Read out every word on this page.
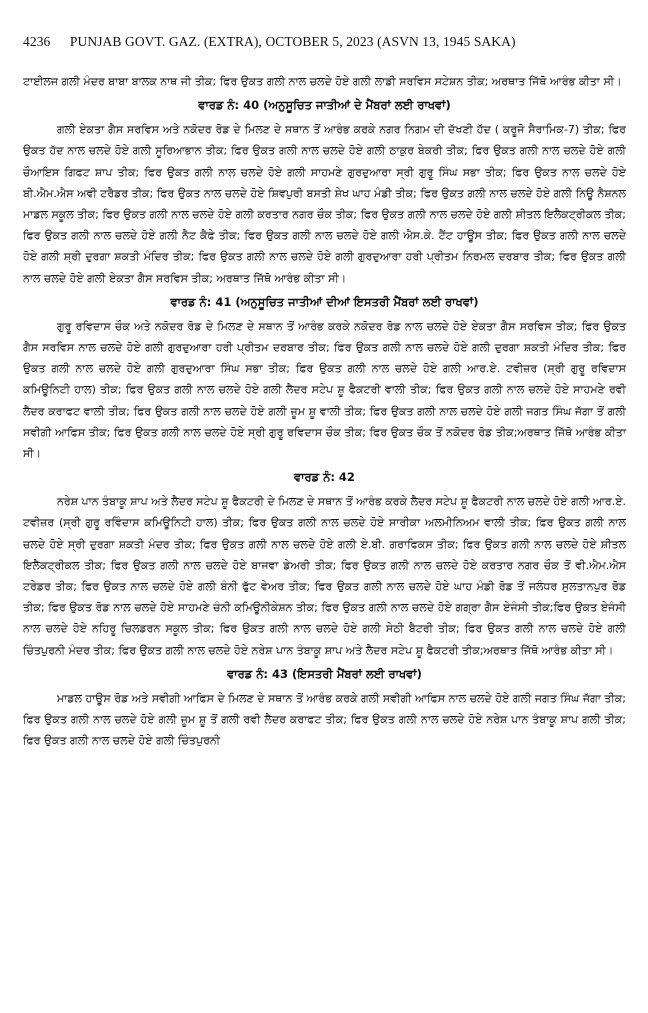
4236 PUNJAB GOVT. GAZ. (EXTRA), OCTOBER 5, 2023 (ASVN 13, 1945 SAKA)

ਟਾਈਲਜ ਗਲੀ ਮੰਦਰ ਬਾਬਾ ਬਾਲਕ ਨਾਥ ਜੀ ਤੀਕ; ਫਿਰ ਉਕਤ ਗਲੀ ਨਾਲ ਚਲਦੇ ਹੋਏ ਗਲੀ ਲਾਡੀ ਸਰਵਿਸ ਸਟੇਸ਼ਨ ਤੀਕ; ਅਰਥਾਤ ਜਿੱਥੋ ਆਰੰਭ ਕੀਤਾ ਸੀ।

ਵਾਰਡ ਨੰ: 40 (ਅਨੁਸੂਚਿਤ ਜਾਤੀਆਂ ਦੇ ਮੈਂਬਰਾਂ ਲਈ ਰਾਖਵਾਂ)

ਗਲੀ ਏਕਤਾ ਗੈਸ ਸਰਵਿਸ ਅਤੇ ਨਕੋਦਰ ਰੋਡ ਦੇ ਮਿਲਣ ਦੇ ਸਥਾਨ ਤੋਂ ਆਰੰਭ ਕਰਕੇ ਨਗਰ ਨਿਗਮ ਦੀ ਦੱਖਣੀ ਹੱਦ ( ਕਰੂਜੋ ਸੈਰਾਮਿਕ-7) ਤੀਕ; ਫਿਰ ਉਕਤ ਹੱਦ ਨਾਲ ਚਲਦੇ ਹੋਏ ਗਲੀ ਸੂਰਿਆਭਾਨ ਤੀਕ; ਫਿਰ ਉਕਤ ਗਲੀ ਨਾਲ ਚਲਦੇ ਹੋਏ ਗਲੀ ਠਾਕੁਰ ਬੇਕਰੀ ਤੀਕ; ਫਿਰ ਉਕਤ ਗਲੀ ਨਾਲ ਚਲਦੇ ਹੋਏ ਗਲੀ ਚੌਆਇਸ ਗਿਫਟ ਸ਼ਾਪ ਤੀਕ; ਫਿਰ ਉਕਤ ਗਲੀ ਨਾਲ ਚਲਦੇ ਹੋਏ ਗਲੀ ਸਾਹਮਣੇ ਗੁਰਦੁਆਰਾ ਸ੍ਰੀ ਗੁਰੂ ਸਿੰਘ ਸਭਾ ਤੀਕ; ਫਿਰ ਉਕਤ ਨਾਲ ਚਲਦੇ ਹੋਏ ਬੀ.ਐਮ.ਐਸ ਅਵੀ ਟਰੈਡਰ ਤੀਕ; ਫਿਰ ਉਕਤ ਨਾਲ ਚਲਦੇ ਹੋਏ ਸ਼ਿਵਪੁਰੀ ਬਸਤੀ ਸ਼ੇਖ ਘਾਹ ਮੰਡੀ ਤੀਕ; ਫਿਰ ਉਕਤ ਗਲੀ ਨਾਲ ਚਲਦੇ ਹੋਏ ਗਲੀ ਨਿਊ ਨੈਸ਼ਨਲ ਮਾਡਲ ਸਕੂਲ ਤੀਕ; ਫਿਰ ਉਕਤ ਗਲੀ ਨਾਲ ਚਲਦੇ ਹੋਏ ਗਲੀ ਕਰਤਾਰ ਨਗਰ ਚੌਕ ਤੀਕ; ਫਿਰ ਉਕਤ ਗਲੀ ਨਾਲ ਚਲਦੇ ਹੋਏ ਗਲੀ ਸ਼ੀਤਲ ਇਲੈਕਟ੍ਰੀਕਲ ਤੀਕ; ਫਿਰ ਉਕਤ ਗਲੀ ਨਾਲ ਚਲਦੇ ਹੋਏ ਗਲੀ ਨੈਟ ਕੈਫੇ ਤੀਕ; ਫਿਰ ਉਕਤ ਗਲੀ ਨਾਲ ਚਲਦੇ ਹੋਏ ਗਲੀ ਐਸ.ਕੇ. ਟੈਂਟ ਹਾਊਸ ਤੀਕ; ਫਿਰ ਉਕਤ ਗਲੀ ਨਾਲ ਚਲਦੇ ਹੋਏ ਗਲੀ ਸ਼੍ਰੀ ਦੁਰਗਾ ਸ਼ਕਤੀ ਮੰਦਿਰ ਤੀਕ; ਫਿਰ ਉਕਤ ਗਲੀ ਨਾਲ ਚਲਦੇ ਹੋਏ ਗਲੀ ਗੁਰਦੁਆਰਾ ਹਰੀ ਪ੍ਰੀਤਮ ਨਿਰਮਲ ਦਰਬਾਰ ਤੀਕ; ਫਿਰ ਉਕਤ ਗਲੀ ਨਾਲ ਚਲਦੇ ਹੋਏ ਗਲੀ ਏਕਤਾ ਗੈਸ ਸਰਵਿਸ ਤੀਕ; ਅਰਥਾਤ ਜਿੱਥੋ ਆਰੰਭ ਕੀਤਾ ਸੀ।

ਵਾਰਡ ਨੰ: 41 (ਅਨੁਸੂਚਿਤ ਜਾਤੀਆਂ ਦੀਆਂ ਇਸਤਰੀ ਮੈਂਬਰਾਂ ਲਈ ਰਾਖਵਾਂ)

ਗੁਰੂ ਰਵਿਦਾਸ ਚੌਕ ਅਤੇ ਨਕੋਦਰ ਰੋਡ ਦੇ ਮਿਲਣ ਦੇ ਸਥਾਨ ਤੋਂ ਆਰੰਭ ਕਰਕੇ ਨਕੋਦਰ ਰੋਡ ਨਾਲ ਚਲਦੇ ਹੋਏ ਏਕਤਾ ਗੈਸ ਸਰਵਿਸ ਤੀਕ; ਫਿਰ ਉਕਤ ਗੈਸ ਸਰਵਿਸ ਨਾਲ ਚਲਦੇ ਹੋਏ ਗਲੀ ਗੁਰਦੁਆਰਾ ਹਰੀ ਪ੍ਰੀਤਮ ਦਰਬਾਰ ਤੀਕ; ਫਿਰ ਉਕਤ ਗਲੀ ਨਾਲ ਚਲਦੇ ਹੋਏ ਗਲੀ ਦੁਰਗਾ ਸ਼ਕਤੀ ਮੰਦਿਰ ਤੀਕ; ਫਿਰ ਉਕਤ ਗਲੀ ਨਾਲ ਚਲਦੇ ਹੋਏ ਗਲੀ ਗੁਰਦੁਆਰਾ ਸਿੰਘ ਸਭਾ ਤੀਕ; ਫਿਰ ਉਕਤ ਗਲੀ ਨਾਲ ਚਲਦੇ ਹੋਏ ਗਲੀ ਆਰ.ਏ. ਟਵੀਜ਼ਰ (ਸ੍ਰੀ ਗੁਰੂ ਰਵਿਦਾਸ ਕਮਿਊਨਿਟੀ ਹਾਲ) ਤੀਕ; ਫਿਰ ਉਕਤ ਗਲੀ ਨਾਲ ਚਲਦੇ ਹੋਏ ਗਲੀ ਲੈਦਰ ਸਟੇਪ ਸ਼ੂ ਫੈਕਟਰੀ ਵਾਲੀ ਤੀਕ; ਫਿਰ ਉਕਤ ਗਲੀ ਨਾਲ ਚਲਦੇ ਹੋਏ ਸਾਹਮਣੇ ਰਵੀ ਲੈਦਰ ਕਰਾਫਟ ਵਾਲੀ ਤੀਕ; ਫਿਰ ਉਕਤ ਗਲੀ ਨਾਲ ਚਲਦੇ ਹੋਏ ਗਲੀ ਜ਼ੂਮ ਸ਼ੂ ਵਾਲੀ ਤੀਕ; ਫਿਰ ਉਕਤ ਗਲੀ ਨਾਲ ਚਲਦੇ ਹੋਏ ਗਲੀ ਜਗਤ ਸਿੰਘ ਜੱਗਾ ਤੋਂ ਗਲੀ ਸਵੀਗੀ ਆਫਿਸ ਤੀਕ; ਫਿਰ ਉਕਤ ਗਲੀ ਨਾਲ ਚਲਦੇ ਹੋਏ ਸ੍ਰੀ ਗੁਰੂ ਰਵਿਦਾਸ ਚੌਕ ਤੀਕ; ਫਿਰ ਉਕਤ ਚੌਕ ਤੋਂ ਨਕੋਦਰ ਰੋਡ ਤੀਕ;ਅਰਥਾਤ ਜਿੱਥੋ ਆਰੰਭ ਕੀਤਾ ਸੀ।

ਵਾਰਡ ਨੰ: 42

ਨਰੇਸ਼ ਪਾਨ ਤੰਬਾਕੂ ਸ਼ਾਪ ਅਤੇ ਲੈਦਰ ਸਟੇਪ ਸ਼ੂ ਫੈਕਟਰੀ ਦੇ ਮਿਲਣ ਦੇ ਸਥਾਨ ਤੋਂ ਆਰੰਭ ਕਰਕੇ ਲੈਦਰ ਸਟੇਪ ਸ਼ੂ ਫੈਕਟਰੀ ਨਾਲ ਚਲਦੇ ਹੋਏ ਗਲੀ ਆਰ.ਏ. ਟਵੀਜ਼ਰ (ਸ੍ਰੀ ਗੁਰੂ ਰਵਿੰਦਾਸ ਕਮਿਊਨਿਟੀ ਹਾਲ) ਤੀਕ; ਫਿਰ ਉਕਤ ਗਲੀ ਨਾਲ ਚਲਦੇ ਹੋਏ ਸਾਰੀਕਾ ਅਲਮੀਨਿਅਮ ਵਾਲੀ ਤੀਕ; ਫਿਰ ਉਕਤ ਗਲੀ ਨਾਲ ਚਲਦੇ ਹੋਏ ਸ੍ਰੀ ਦੁਰਗਾ ਸ਼ਕਤੀ ਮੰਦਰ ਤੀਕ; ਫਿਰ ਉਕਤ ਗਲੀ ਨਾਲ ਚਲਦੇ ਹੋਏ ਗਲੀ ਏ.ਬੀ. ਗਰਾਫਿਕਸ ਤੀਕ; ਫਿਰ ਉਕਤ ਗਲੀ ਨਾਲ ਚਲਦੇ ਹੋਏ ਸ਼ੀਤਲ ਇਲੈਕਟ੍ਰੀਕਲ ਤੀਕ; ਫਿਰ ਉਕਤ ਗਲੀ ਨਾਲ ਚਲਦੇ ਹੋਏ ਬਾਜਵਾ ਡੇਅਰੀ ਤੀਕ; ਫਿਰ ਉਕਤ ਗਲੀ ਨਾਲ ਚਲਦੇ ਹੋਏ ਕਰਤਾਰ ਨਗਰ ਚੌਕ ਤੋਂ ਵੀ.ਐਮ.ਐਸ ਟਰੇਡਰ ਤੀਕ; ਫਿਰ ਉਕਤ ਨਾਲ ਚਲਦੇ ਹੋਏ ਗਲੀ ਬੰਨੀ ਫੁੱਟ ਵੇਅਰ ਤੀਕ; ਫਿਰ ਉਕਤ ਗਲੀ ਨਾਲ ਚਲਦੇ ਹੋਏ ਘਾਹ ਮੰਡੀ ਰੋਡ ਤੋਂ ਜਲੰਧਰ ਸੁਲਤਾਨਪੁਰ ਰੋਡ ਤੀਕ; ਫਿਰ ਉਕਤ ਰੋਡ ਨਾਲ ਚਲਦੇ ਹੋਏ ਸਾਹਮਣੇ ਚੰਨੀ ਕਮਿਊਨੀਕੇਸ਼ਨ ਤੀਕ; ਫਿਰ ਉਕਤ ਗਲੀ ਨਾਲ ਚਲਦੇ ਹੋਏ ਗਗ੍ਰਾ ਗੈਸ ਏਜੰਸੀ ਤੀਕ;ਫਿਰ ਉਕਤ ਏਜੰਸੀ ਨਾਲ ਚਲਦੇ ਹੋਏ ਨਹਿਰੂ ਚਿਲਡਰਨ ਸਕੂਲ ਤੀਕ; ਫਿਰ ਉਕਤ ਗਲੀ ਨਾਲ ਚਲਦੇ ਹੋਏ ਗਲੀ ਸੇਠੀ ਬੈਟਰੀ ਤੀਕ; ਫਿਰ ਉਕਤ ਗਲੀ ਨਾਲ ਚਲਦੇ ਹੋਏ ਗਲੀ ਚਿੰਤਪੁਰਨੀ ਮੰਦਰ ਤੀਕ; ਫਿਰ ਉਕਤ ਗਲੀ ਨਾਲ ਚਲਦੇ ਹੋਏ ਨਰੇਸ਼ ਪਾਨ ਤੰਬਾਕੂ ਸ਼ਾਪ ਅਤੇ ਲੈਦਰ ਸਟੇਪ ਸ਼ੂ ਫੈਕਟਰੀ ਤੀਕ;ਅਰਥਾਤ ਜਿੱਥੋ ਆਰੰਭ ਕੀਤਾ ਸੀ।

ਵਾਰਡ ਨੰ: 43 (ਇਸਤਰੀ ਮੈਂਬਰਾਂ ਲਈ ਰਾਖਵਾਂ)

ਮਾਡਲ ਹਾਊਸ ਰੋਡ ਅਤੇ ਸਵੀਗੀ ਆਫਿਸ ਦੇ ਮਿਲਣ ਦੇ ਸਥਾਨ ਤੋਂ ਆਰੰਭ ਕਰਕੇ ਗਲੀ ਸਵੀਗੀ ਆਫਿਸ ਨਾਲ ਚਲਦੇ ਹੋਏ ਗਲੀ ਜਗਤ ਸਿੰਘ ਜੱਗਾ ਤੀਕ; ਫਿਰ ਉਕਤ ਗਲੀ ਨਾਲ ਚਲਦੇ ਹੋਏ ਗਲੀ ਜ਼ੂਮ ਸ਼ੂ ਤੋਂ ਗਲੀ ਰਵੀ ਲੈਦਰ ਕਰਾਫਟ ਤੀਕ; ਫਿਰ ਉਕਤ ਗਲੀ ਨਾਲ ਚਲਦੇ ਹੋਏ ਨਰੇਸ਼ ਪਾਨ ਤੰਬਾਕੂ ਸ਼ਾਪ ਗਲੀ ਤੀਕ; ਫਿਰ ਉਕਤ ਗਲੀ ਨਾਲ ਚਲਦੇ ਹੋਏ ਗਲੀ ਚਿੰਤਪੁਰਨੀ
